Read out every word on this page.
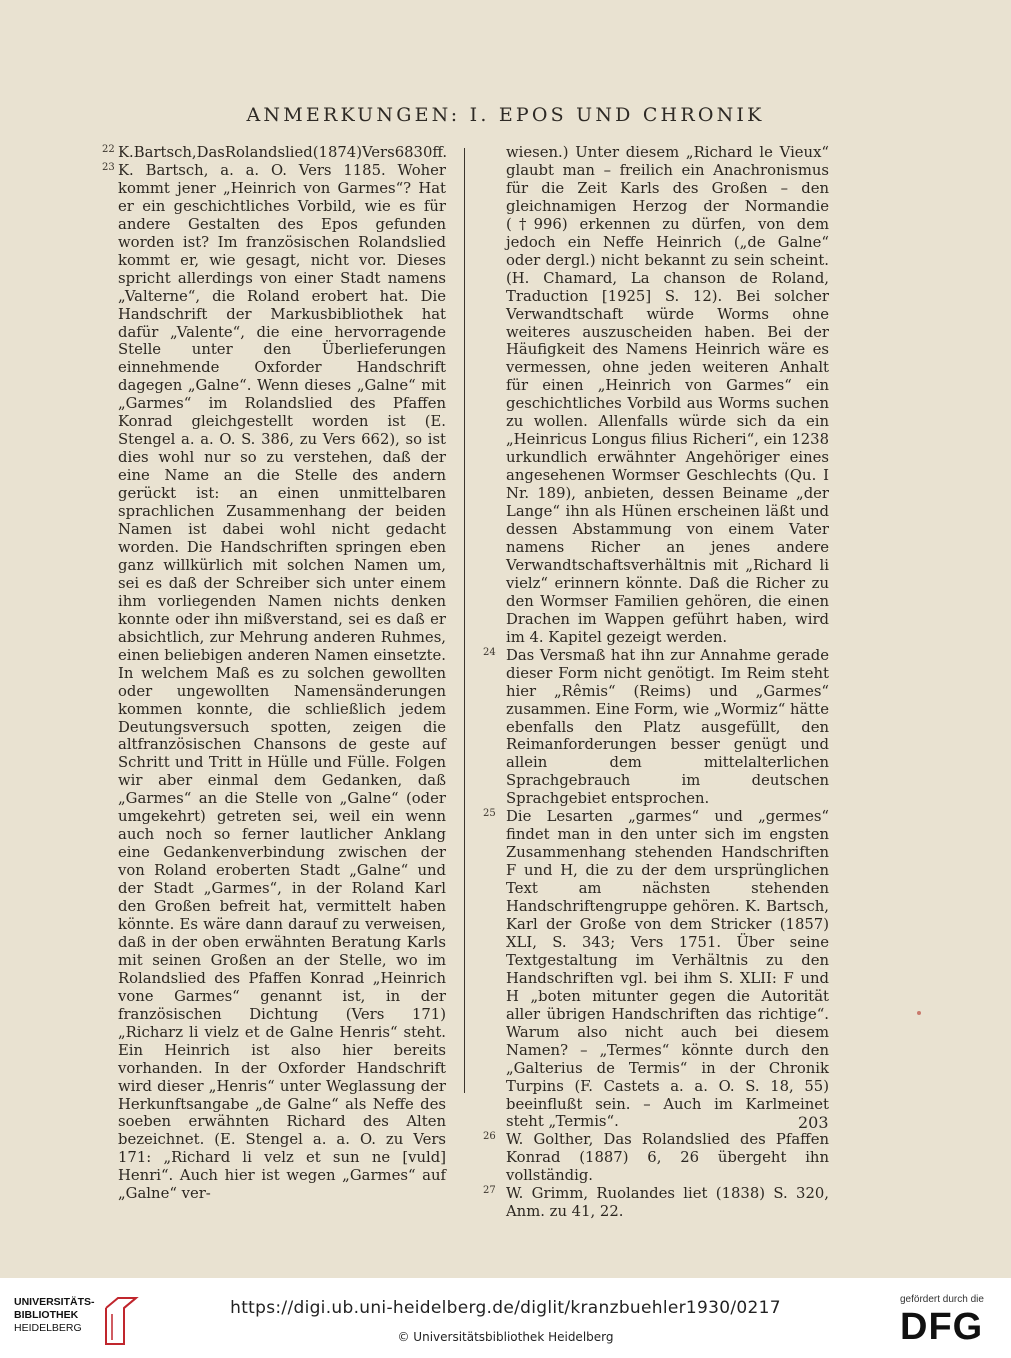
ANMERKUNGEN: I. EPOS UND CHRONIK

22 K.Bartsch,DasRolandslied(1874)Vers6830ff.

23 K. Bartsch, a. a. O. Vers 1185. Woher kommt jener „Heinrich von Garmes“? Hat er ein geschichtliches Vorbild, wie es für andere Gestalten des Epos gefunden worden ist? Im französischen Rolandslied kommt er, wie gesagt, nicht vor. Dieses spricht allerdings von einer Stadt namens „Valterne“, die Roland erobert hat. Die Handschrift der Markusbibliothek hat dafür „Valente“, die eine hervorragende Stelle unter den Überlieferungen einnehmende Oxforder Handschrift dagegen „Galne“. Wenn dieses „Galne“ mit „Garmes“ im Rolandslied des Pfaffen Konrad gleichgestellt worden ist (E. Stengel a. a. O. S. 386, zu Vers 662), so ist dies wohl nur so zu verstehen, daß der eine Name an die Stelle des andern gerückt ist: an einen unmittelbaren sprachlichen Zusammenhang der beiden Namen ist dabei wohl nicht gedacht worden. Die Handschriften springen eben ganz willkürlich mit solchen Namen um, sei es daß der Schreiber sich unter einem ihm vorliegenden Namen nichts denken konnte oder ihn mißverstand, sei es daß er absichtlich, zur Mehrung anderen Ruhmes, einen beliebigen anderen Namen einsetzte. In welchem Maß es zu solchen gewollten oder ungewollten Namensänderungen kommen konnte, die schließlich jedem Deutungsversuch spotten, zeigen die altfranzösischen Chansons de geste auf Schritt und Tritt in Hülle und Fülle. Folgen wir aber einmal dem Gedanken, daß „Garmes“ an die Stelle von „Galne“ (oder umgekehrt) getreten sei, weil ein wenn auch noch so ferner lautlicher Anklang eine Gedankenverbindung zwischen der von Roland eroberten Stadt „Galne“ und der Stadt „Garmes“, in der Roland Karl den Großen befreit hat, vermittelt haben könnte. Es wäre dann darauf zu verweisen, daß in der oben erwähnten Beratung Karls mit seinen Großen an der Stelle, wo im Rolandslied des Pfaffen Konrad „Heinrich vone Garmes“ genannt ist, in der französischen Dichtung (Vers 171) „Richarz li vielz et de Galne Henris“ steht. Ein Heinrich ist also hier bereits vorhanden. In der Oxforder Handschrift wird dieser „Henris“ unter Weglassung der Herkunftsangabe „de Galne“ als Neffe des soeben erwähnten Richard des Alten bezeichnet. (E. Stengel a. a. O. zu Vers 171: „Richard li velz et sun ne [vuld] Henri“. Auch hier ist wegen „Garmes“ auf „Galne“ ver-

wiesen.) Unter diesem „Richard le Vieux“ glaubt man – freilich ein Anachronismus für die Zeit Karls des Großen – den gleichnamigen Herzog der Normandie (†996) erkennen zu dürfen, von dem jedoch ein Neffe Heinrich („de Galne“ oder dergl.) nicht bekannt zu sein scheint. (H. Chamard, La chanson de Roland, Traduction [1925] S. 12). Bei solcher Verwandtschaft würde Worms ohne weiteres auszuscheiden haben. Bei der Häufigkeit des Namens Heinrich wäre es vermessen, ohne jeden weiteren Anhalt für einen „Heinrich von Garmes“ ein geschichtliches Vorbild aus Worms suchen zu wollen. Allenfalls würde sich da ein „Heinricus Longus filius Richeri“, ein 1238 urkundlich erwähnter Angehöriger eines angesehenen Wormser Geschlechts (Qu. I Nr. 189), anbieten, dessen Beiname „der Lange“ ihn als Hünen erscheinen läßt und dessen Abstammung von einem Vater namens Richer an jenes andere Verwandtschaftsverhältnis mit „Richard li vielz“ erinnern könnte. Daß die Richer zu den Wormser Familien gehören, die einen Drachen im Wappen geführt haben, wird im 4. Kapitel gezeigt werden.

24 Das Versmaß hat ihn zur Annahme gerade dieser Form nicht genötigt. Im Reim steht hier „Rêmis“ (Reims) und „Garmes“ zusammen. Eine Form, wie „Wormiz“ hätte ebenfalls den Platz ausgefüllt, den Reimanforderungen besser genügt und allein dem mittelalterlichen Sprachgebrauch im deutschen Sprachgebiet entsprochen.

25 Die Lesarten „garmes“ und „germes“ findet man in den unter sich im engsten Zusammenhang stehenden Handschriften F und H, die zu der dem ursprünglichen Text am nächsten stehenden Handschriftengruppe gehören. K. Bartsch, Karl der Große von dem Stricker (1857) XLI, S. 343; Vers 1751. Über seine Textgestaltung im Verhältnis zu den Handschriften vgl. bei ihm S. XLII: F und H „boten mitunter gegen die Autorität aller übrigen Handschriften das richtige“. Warum also nicht auch bei diesem Namen? – „Termes“ könnte durch den „Galterius de Termis“ in der Chronik Turpins (F. Castets a. a. O. S. 18, 55) beeinflußt sein. – Auch im Karlmeinet steht „Termis“.

26 W. Golther, Das Rolandslied des Pfaffen Konrad (1887) 6, 26 übergeht ihn vollständig.

27 W. Grimm, Ruolandes liet (1838) S. 320, Anm. zu 41, 22.

203
UNIVERSITÄTS-
BIBLIOTHEK
HEIDELBERG
https://digi.ub.uni-heidelberg.de/diglit/kranzbuehler1930/0217
© Universitätsbibliothek Heidelberg
gefördert durch die
DFG
